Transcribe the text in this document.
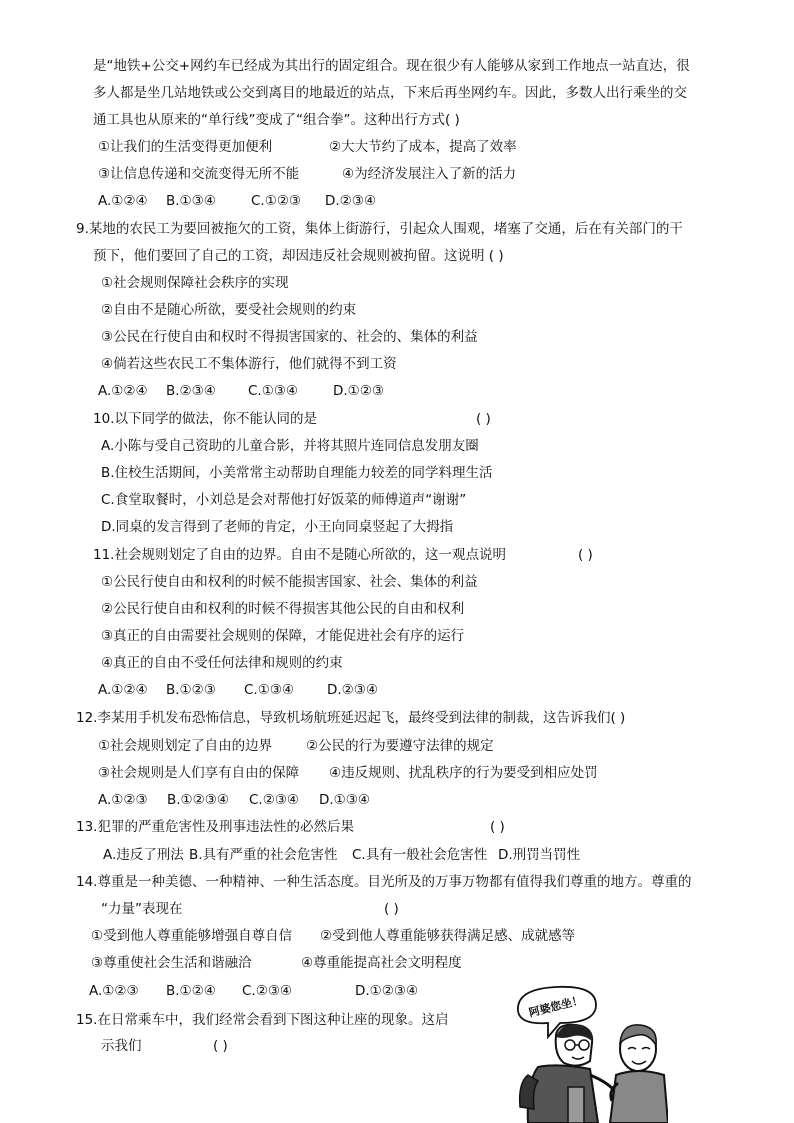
是“地铁+公交+网约车已经成为其出行的固定组合。现在很少有人能够从家到工作地点一站直达，很
多人都是坐几站地铁或公交到离目的地最近的站点，下来后再坐网约车。因此，多数人出行乘坐的交
通工具也从原来的“单行线”变成了“组合拳”。这种出行方式( )
①让我们的生活变得更加便利	②大大节约了成本，提高了效率
③让信息传递和交流变得无所不能	④为经济发展注入了新的活力
A.①②④ B.①③④	C.①②③ D.②③④
9.某地的农民工为要回被拖欠的工资，集体上街游行，引起众人围观，堵塞了交通，后在有关部门的干
预下，他们要回了自己的工资，却因违反社会规则被拘留。这说明 ( )
①社会规则保障社会秩序的实现
②自由不是随心所欲，要受社会规则的约束
③公民在行使自由和权时不得损害国家的、社会的、集体的利益
④倘若这些农民工不集体游行，他们就得不到工资
A.①②④ B.②③④ C.①③④	D.①②③
10.以下同学的做法，你不能认同的是	( )
A.小陈与受自己资助的儿童合影，并将其照片连同信息发朋友圈
B.住校生活期间，小美常常主动帮助自理能力较差的同学料理生活
C.食堂取餐时，小刘总是会对帮他打好饭菜的师傅道声“谢谢”
D.同桌的发言得到了老师的肯定，小王向同桌竖起了大拇指
11.社会规则划定了自由的边界。自由不是随心所欲的，这一观点说明	( )
①公民行使自由和权利的时候不能损害国家、社会、集体的利益
②公民行使自由和权利的时候不得损害其他公民的自由和权利
③真正的自由需要社会规则的保障，才能促进社会有序的运行
④真正的自由不受任何法律和规则的约束
A.①②④ B.①②③ C.①③④ D.②③④
12.李某用手机发布恐怖信息，导致机场航班延迟起飞，最终受到法律的制裁，这告诉我们( )
①社会规则划定了自由的边界	②公民的行为要遵守法律的规定
③社会规则是人们享有自由的保障 ④违反规则、扰乱秩序的行为要受到相应处罚
A.①②③ B.①②③④ C.②③④ D.①③④
13.犯罪的严重危害性及刑事违法性的必然后果	( )
A.违反了刑法 B.具有严重的社会危害性 C.具有一般社会危害性 D.刑罚当罚性
14.尊重是一种美德、一种精神、一种生活态度。目光所及的万事万物都有值得我们尊重的地方。尊重的
“力量”表现在	( )
①受到他人尊重能够增强自尊自信 ②受到他人尊重能够获得满足感、成就感等
③尊重使社会生活和谐融洽	④尊重能提高社会文明程度
A.①②③ B.①②④ C.②③④	D.①②③④
15.在日常乘车中，我们经常会看到下图这种让座的现象。这启
示我们	( )
阿婆您坐！
